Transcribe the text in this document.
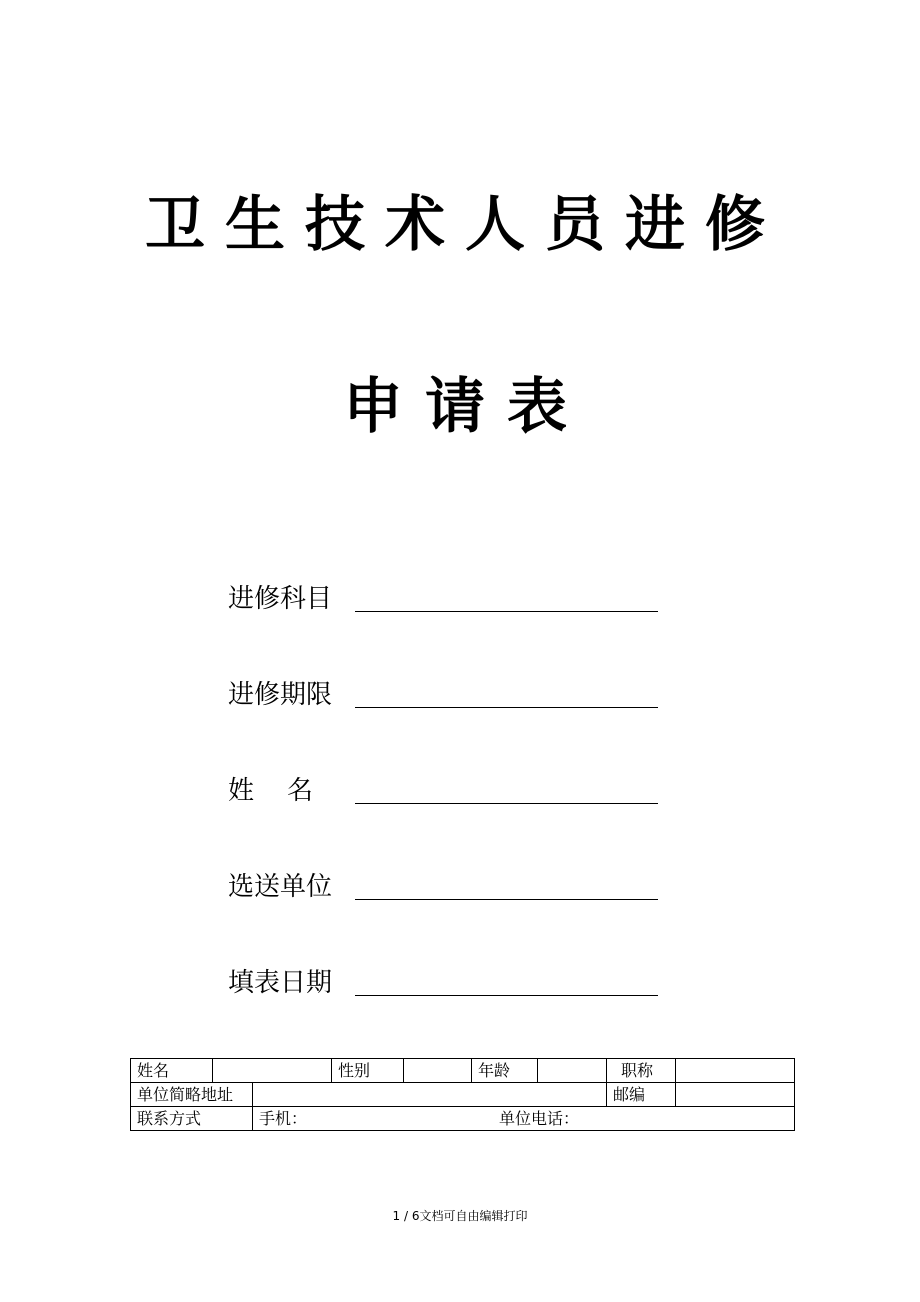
卫生技术人员进修
申请表
进修科目
进修期限
姓    名
选送单位
填表日期
姓名			性别		年龄		职称	
单位简略地址							邮编	
联系方式		手机： 单位电话：						
1 / 6文档可自由编辑打印
